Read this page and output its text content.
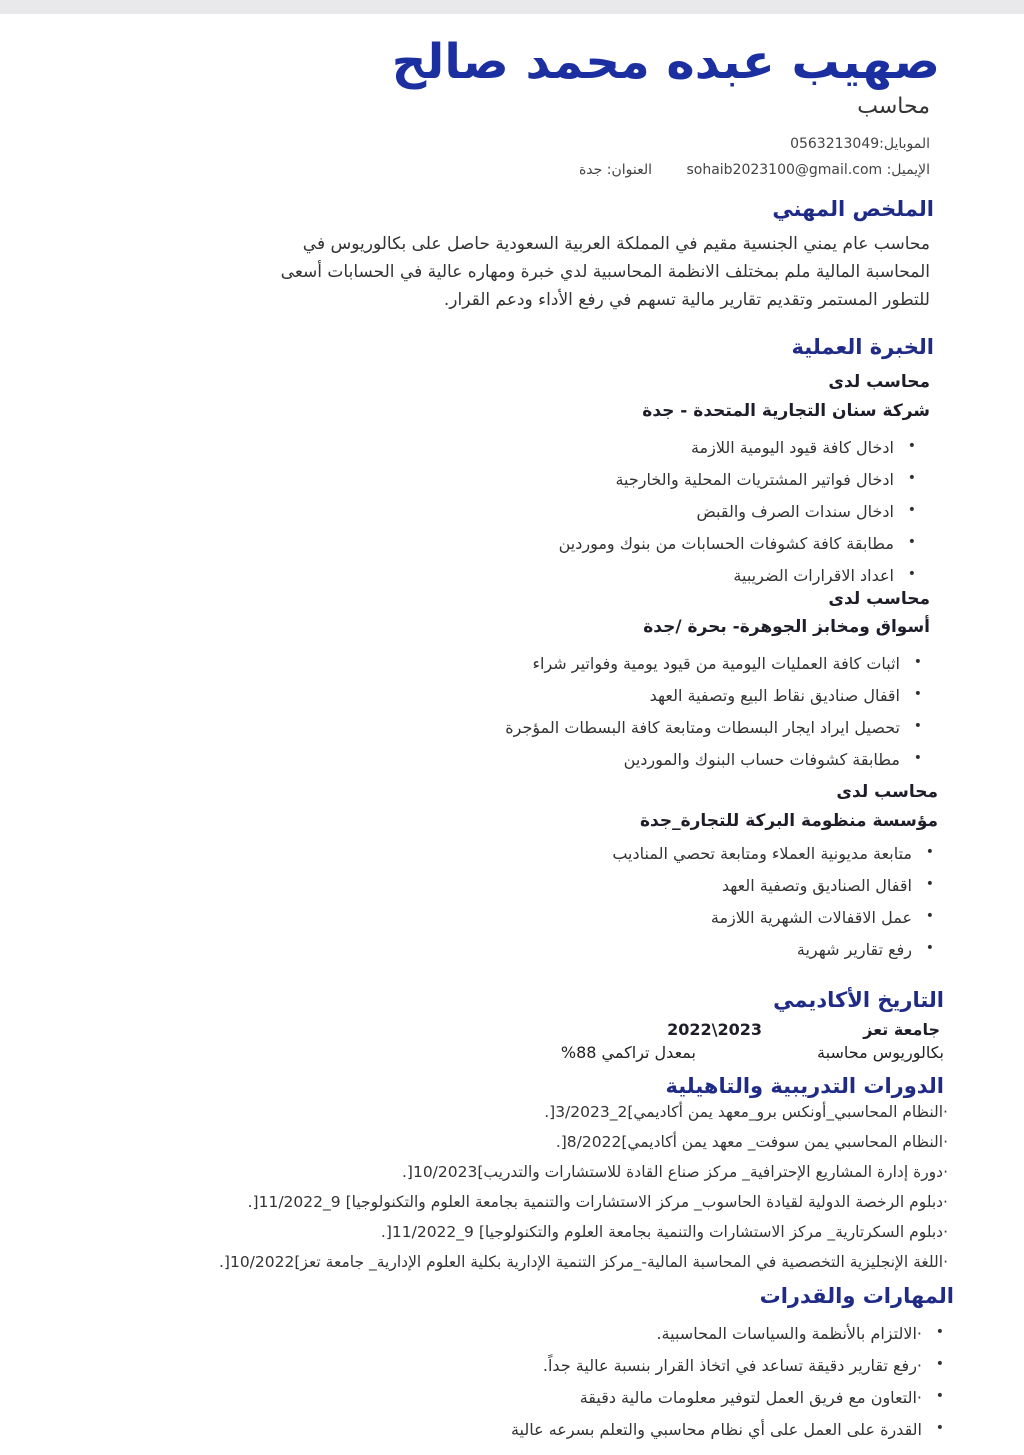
صهيب عبده محمد صالح
محاسب
الموبايل:0563213049
الإيميل: sohaib2023100@gmail.com
العنوان: جدة
الملخص المهني
محاسب عام يمني الجنسية مقيم في المملكة العربية السعودية حاصل على بكالوريوس في
المحاسبة المالية ملم بمختلف الانظمة المحاسبية لدي خبرة ومهاره عالية في الحسابات أسعى
للتطور المستمر وتقديم تقارير مالية تسهم في رفع الأداء ودعم القرار.
الخبرة العملية
محاسب لدى
شركة سنان التجارية المتحدة - جدة
• ادخال كافة قيود اليومية اللازمة
• ادخال فواتير المشتريات المحلية والخارجية
• ادخال سندات الصرف والقبض
• مطابقة كافة كشوفات الحسابات من بنوك وموردين
• اعداد الاقرارات الضريبية
محاسب لدى
أسواق ومخابز الجوهرة- بحرة /جدة
• اثبات كافة العمليات اليومية من قيود يومية وفواتير شراء
• اقفال صناديق نقاط البيع وتصفية العهد
• تحصيل ايراد ايجار البسطات ومتابعة كافة البسطات المؤجرة
• مطابقة كشوفات حساب البنوك والموردين
محاسب لدى
مؤسسة منظومة البركة للتجارة_جدة
• متابعة مديونية العملاء ومتابعة تحصي المناديب
• اقفال الصناديق وتصفية العهد
• عمل الاقفالات الشهرية اللازمة
• رفع تقارير شهرية
التاريخ الأكاديمي
جامعة تعز
2022\2023
بكالوريوس محاسبة
بمعدل تراكمي 88%
الدورات التدريبية والتاهيلية
·النظام المحاسبي_أونكس برو_معهد يمن أكاديمي]2_3/2023[.
·النظام المحاسبي يمن سوفت_ معهد يمن أكاديمي]8/2022[.
·دورة إدارة المشاريع الإحترافية_ مركز صناع القادة للاستشارات والتدريب]10/2023[.
·دبلوم الرخصة الدولية لقيادة الحاسوب_ مركز الاستشارات والتنمية بجامعة العلوم والتكنولوجيا] 9_11/2022[.
·دبلوم السكرتارية_ مركز الاستشارات والتنمية بجامعة العلوم والتكنولوجيا] 9_11/2022[.
·اللغة الإنجليزية التخصصية في المحاسبة المالية-_مركز التنمية الإدارية بكلية العلوم الإدارية_ جامعة تعز]10/2022[.
المهارات والقدرات
• ·الالتزام بالأنظمة والسياسات المحاسبية.
• ·رفع تقارير دقيقة تساعد في اتخاذ القرار بنسبة عالية جداً.
• ·التعاون مع فريق العمل لتوفير معلومات مالية دقيقة
• القدرة على العمل على أي نظام محاسبي والتعلم بسرعه عالية
